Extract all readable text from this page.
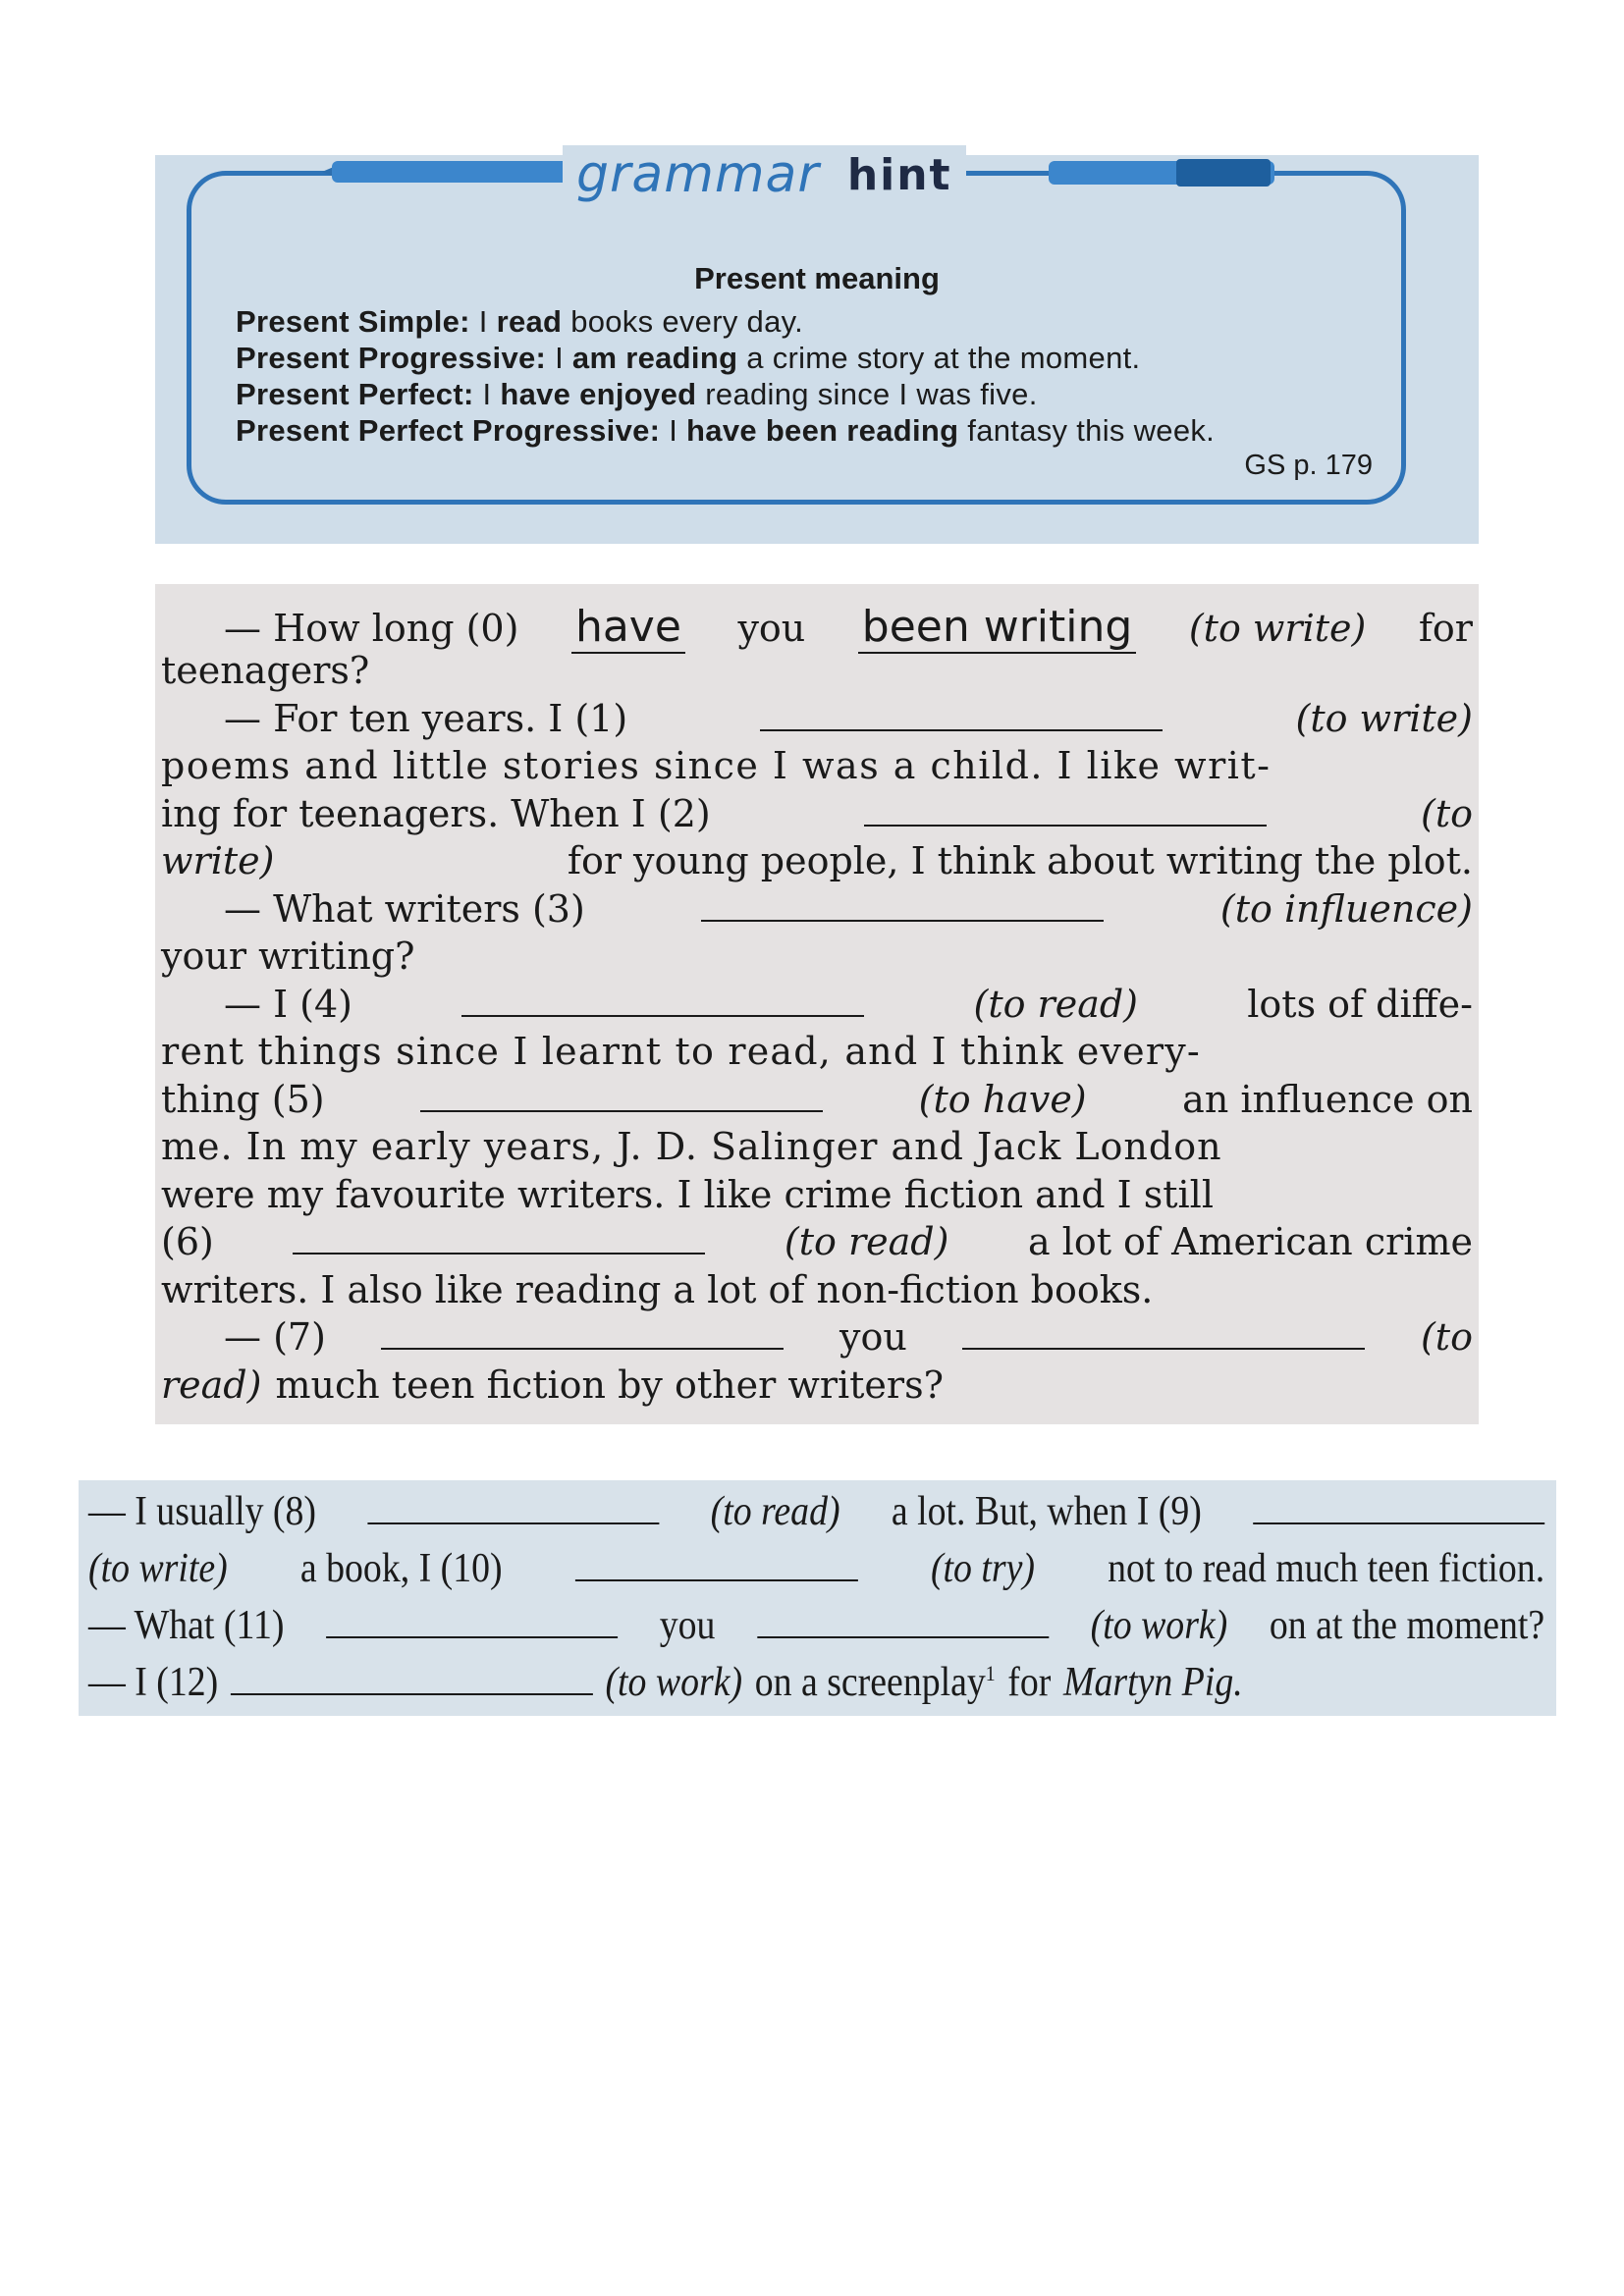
grammar hint
Present meaning
Present Simple: I read books every day.
Present Progressive: I am reading a crime story at the moment.
Present Perfect: I have enjoyed reading since I was five.
Present Perfect Progressive: I have been reading fantasy this week.
GS p. 179
— How long (0) have you been writing (to write) for
teenagers?
— For ten years. I (1)	(to write)
poems and little stories since I was a child. I like writ-
ing for teenagers. When I (2)	(to
write)	for young people, I think about writing the plot.
— What writers (3)	(to influence)
your writing?
— I (4)	(to read)	lots of diffe-
rent things since I learnt to read, and I think every-
thing (5)	(to have)	an influence on
me. In my early years, J. D. Salinger and Jack London
were my favourite writers. I like crime fiction and I still
(6)	(to read) a lot of American crime
writers. I also like reading a lot of non-fiction books.
— (7)	you	(to
read) much teen fiction by other writers?
— I usually (8)	(to read) a lot. But, when I (9)
(to write) a book, I (10)	(to try) not to read much teen fiction.
— What (11)	you	(to work) on at the moment?
— I (12)	(to work) on a screenplay$^1$ for Martyn Pig.
